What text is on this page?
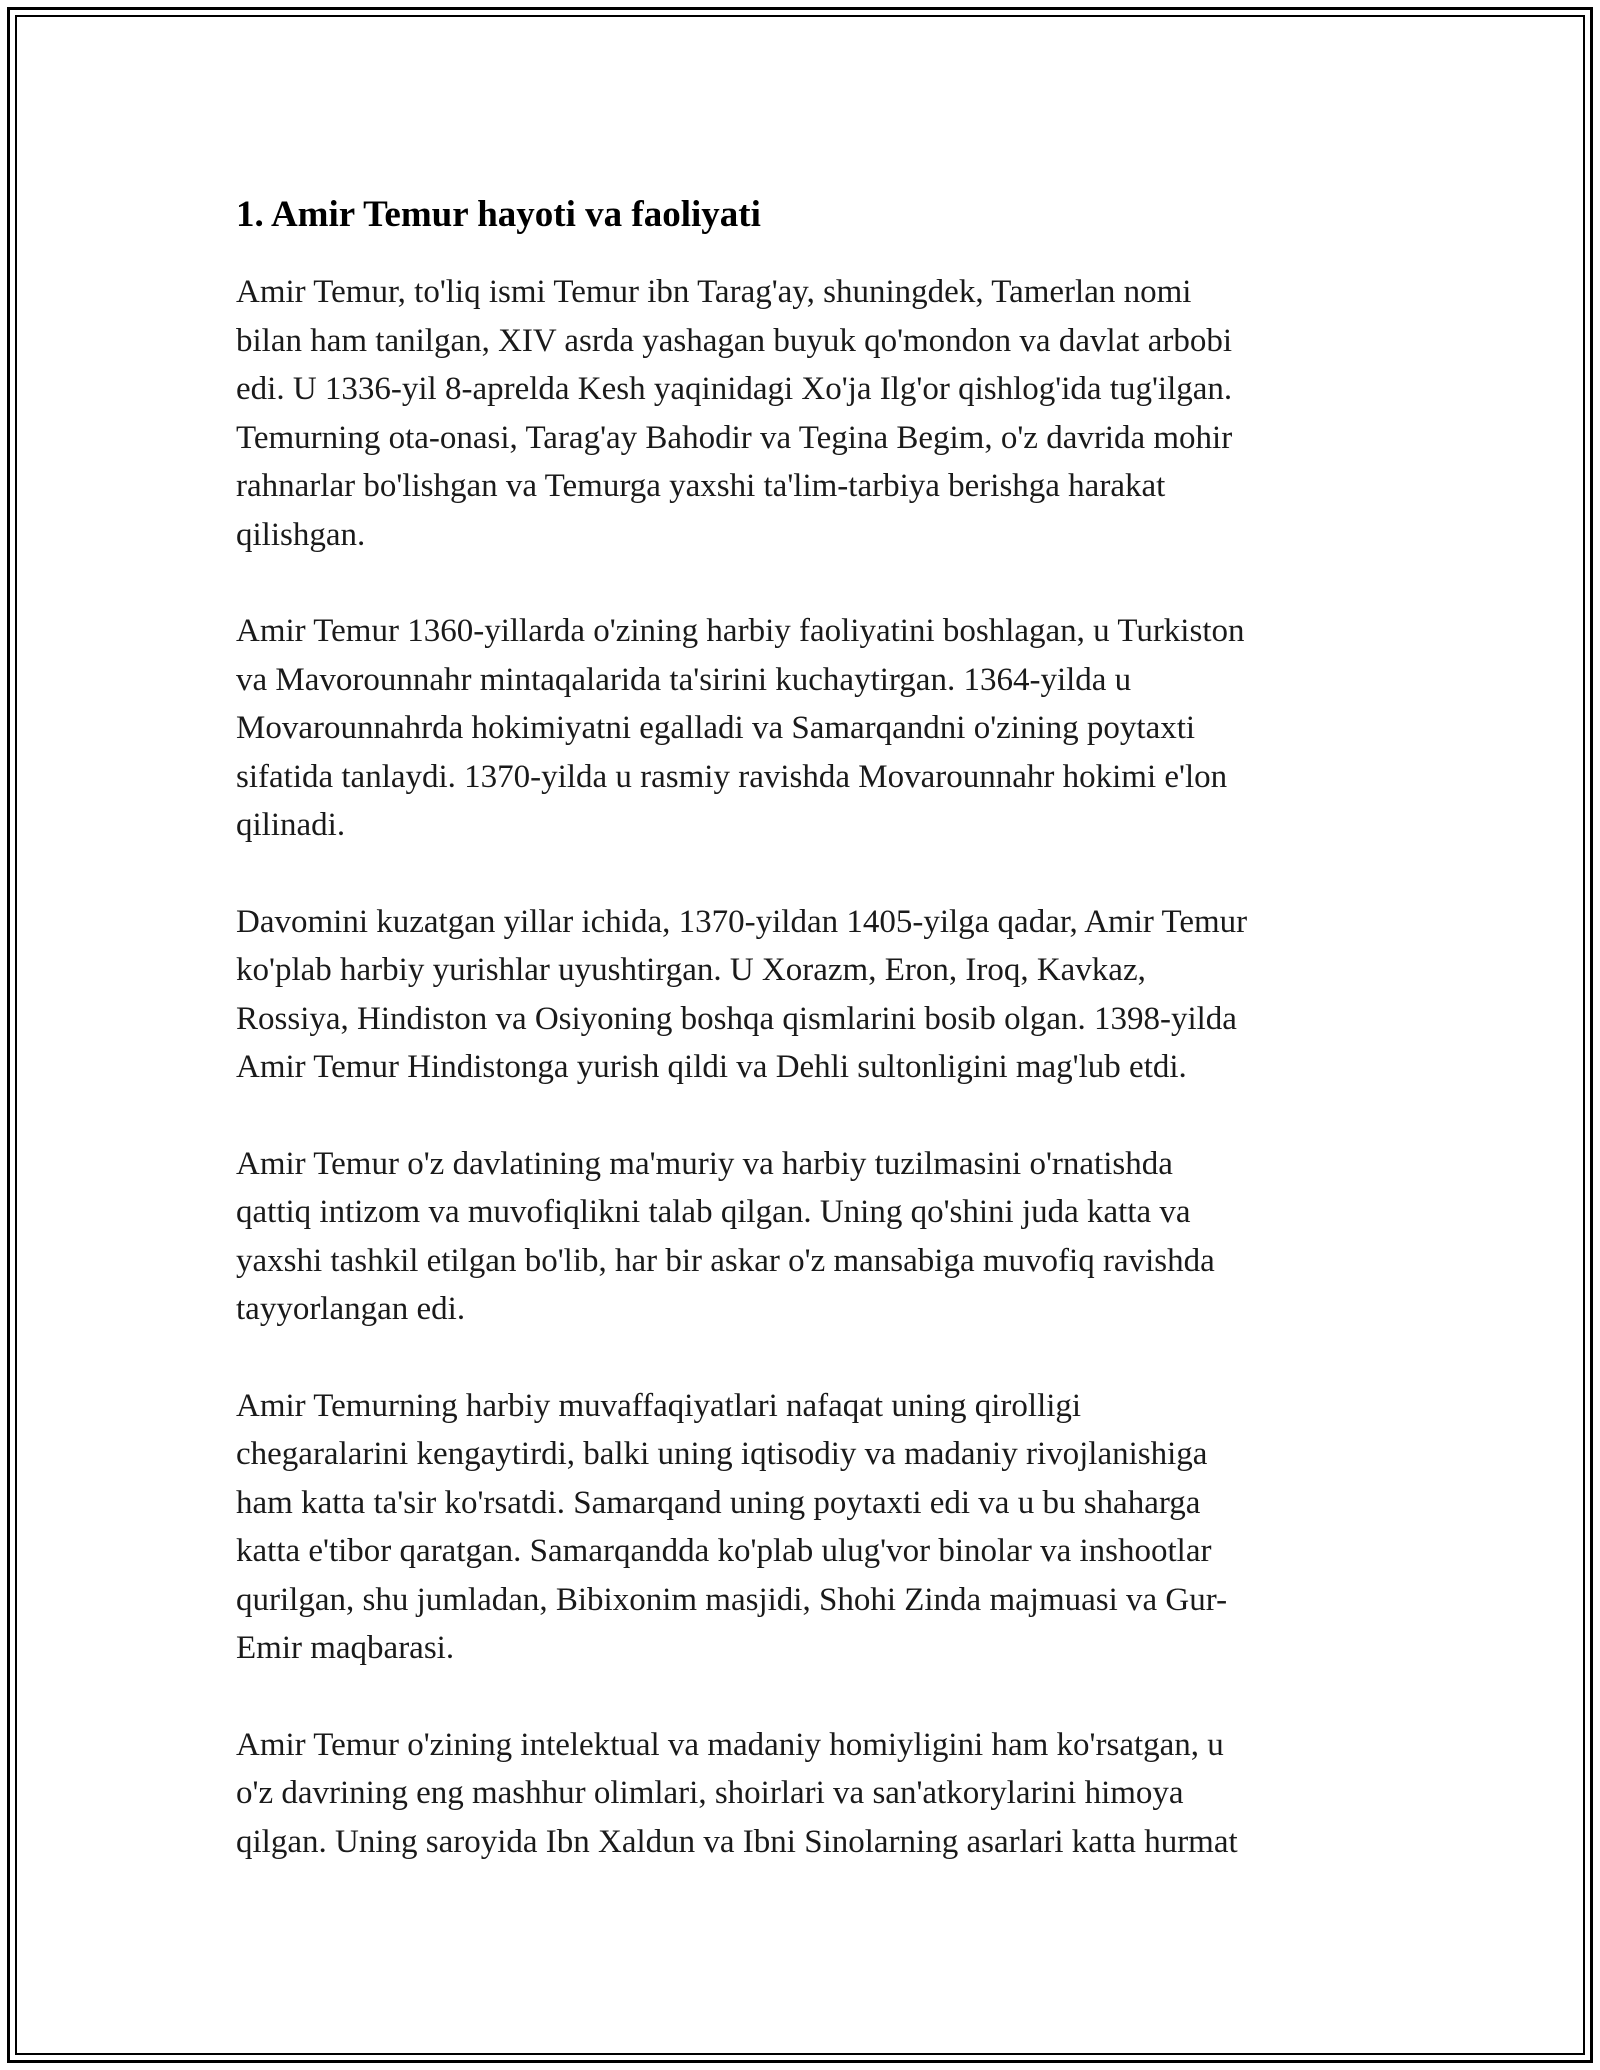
1. Amir Temur hayoti va faoliyati

Amir Temur, to'liq ismi Temur ibn Tarag'ay, shuningdek, Tamerlan nomi
bilan ham tanilgan, XIV asrda yashagan buyuk qo'mondon va davlat arbobi
edi. U 1336-yil 8-aprelda Kesh yaqinidagi Xo'ja Ilg'or qishlog'ida tug'ilgan.
Temurning ota-onasi, Tarag'ay Bahodir va Tegina Begim, o'z davrida mohir
rahnarlar bo'lishgan va Temurga yaxshi ta'lim-tarbiya berishga harakat
qilishgan.

Amir Temur 1360-yillarda o'zining harbiy faoliyatini boshlagan, u Turkiston
va Mavorounnahr mintaqalarida ta'sirini kuchaytirgan. 1364-yilda u
Movarounnahrda hokimiyatni egalladi va Samarqandni o'zining poytaxti
sifatida tanlaydi. 1370-yilda u rasmiy ravishda Movarounnahr hokimi e'lon
qilinadi.

Davomini kuzatgan yillar ichida, 1370-yildan 1405-yilga qadar, Amir Temur
ko'plab harbiy yurishlar uyushtirgan. U Xorazm, Eron, Iroq, Kavkaz,
Rossiya, Hindiston va Osiyoning boshqa qismlarini bosib olgan. 1398-yilda
Amir Temur Hindistonga yurish qildi va Dehli sultonligini mag'lub etdi.

Amir Temur o'z davlatining ma'muriy va harbiy tuzilmasini o'rnatishda
qattiq intizom va muvofiqlikni talab qilgan. Uning qo'shini juda katta va
yaxshi tashkil etilgan bo'lib, har bir askar o'z mansabiga muvofiq ravishda
tayyorlangan edi.

Amir Temurning harbiy muvaffaqiyatlari nafaqat uning qirolligi
chegaralarini kengaytirdi, balki uning iqtisodiy va madaniy rivojlanishiga
ham katta ta'sir ko'rsatdi. Samarqand uning poytaxti edi va u bu shaharga
katta e'tibor qaratgan. Samarqandda ko'plab ulug'vor binolar va inshootlar
qurilgan, shu jumladan, Bibixonim masjidi, Shohi Zinda majmuasi va Gur-
Emir maqbarasi.

Amir Temur o'zining intelektual va madaniy homiyligini ham ko'rsatgan, u
o'z davrining eng mashhur olimlari, shoirlari va san'atkorylarini himoya
qilgan. Uning saroyida Ibn Xaldun va Ibni Sinolarning asarlari katta hurmat
